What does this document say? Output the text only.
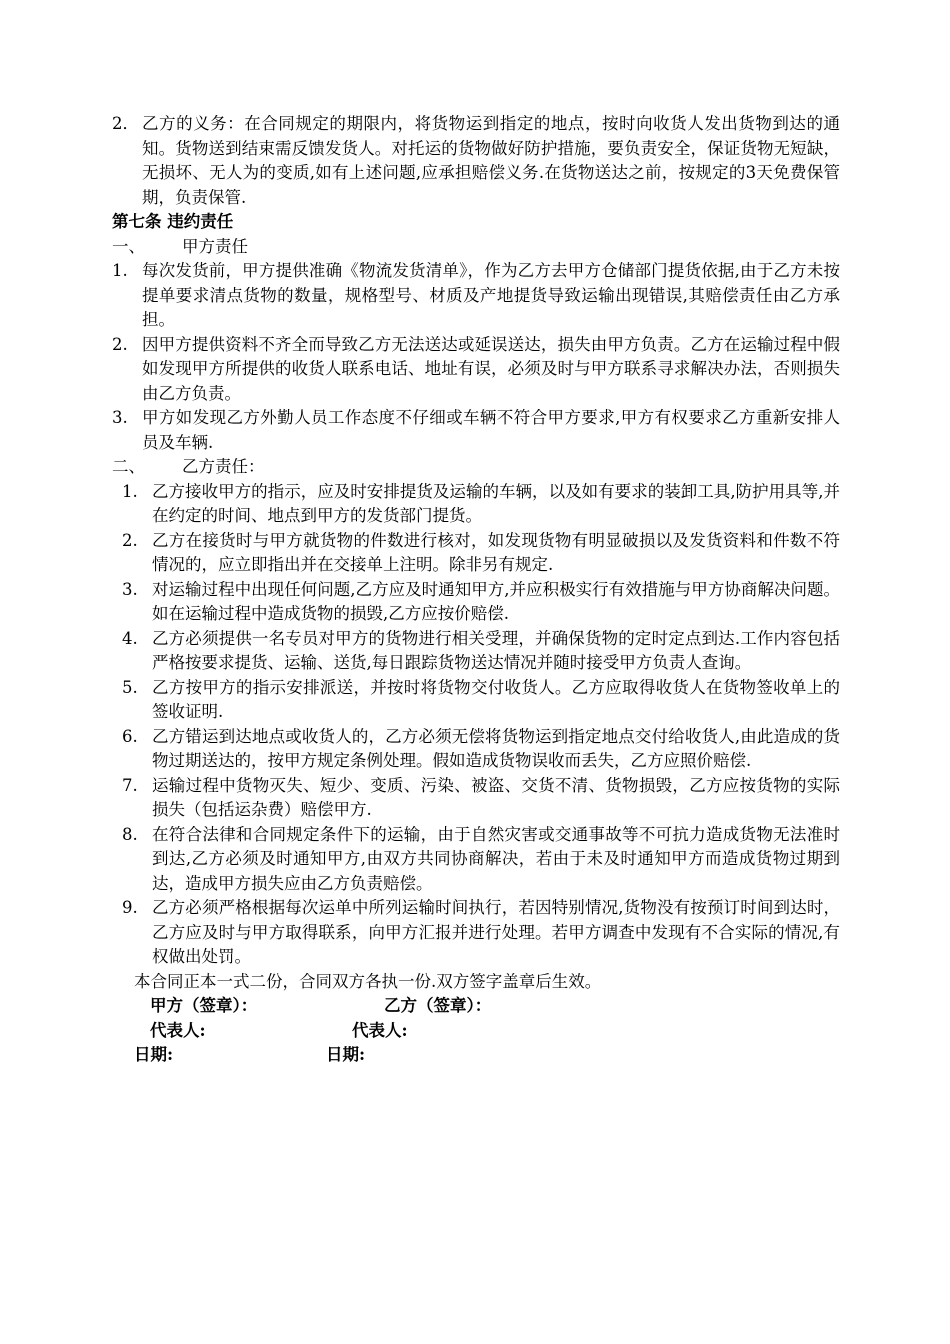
2． 乙方的义务：在合同规定的期限内，将货物运到指定的地点，按时向收货人发出货物到达的通知。货物送到结束需反馈发货人。对托运的货物做好防护措施，要负责安全，保证货物无短缺，无损坏、无人为的变质,如有上述问题,应承担赔偿义务.在货物送达之前，按规定的3天免费保管期，负责保管.

第七条 违约责任

一、	甲方责任
1. 每次发货前，甲方提供准确《物流发货清单》，作为乙方去甲方仓储部门提货依据,由于乙方未按提单要求清点货物的数量，规格型号、材质及产地提货导致运输出现错误,其赔偿责任由乙方承担。
2. 因甲方提供资料不齐全而导致乙方无法送达或延误送达，损失由甲方负责。乙方在运输过程中假如发现甲方所提供的收货人联系电话、地址有误，必须及时与甲方联系寻求解决办法，否则损失由乙方负责。
3. 甲方如发现乙方外勤人员工作态度不仔细或车辆不符合甲方要求,甲方有权要求乙方重新安排人员及车辆.
二、	乙方责任：
1. 乙方接收甲方的指示，应及时安排提货及运输的车辆，以及如有要求的装卸工具,防护用具等,并在约定的时间、地点到甲方的发货部门提货。
2. 乙方在接货时与甲方就货物的件数进行核对，如发现货物有明显破损以及发货资料和件数不符情况的，应立即指出并在交接单上注明。除非另有规定.
3. 对运输过程中出现任何问题,乙方应及时通知甲方,并应积极实行有效措施与甲方协商解决问题。如在运输过程中造成货物的损毁,乙方应按价赔偿.
4. 乙方必须提供一名专员对甲方的货物进行相关受理，并确保货物的定时定点到达.工作内容包括严格按要求提货、运输、送货,每日跟踪货物送达情况并随时接受甲方负责人查询。
5. 乙方按甲方的指示安排派送，并按时将货物交付收货人。乙方应取得收货人在货物签收单上的签收证明.
6. 乙方错运到达地点或收货人的，乙方必须无偿将货物运到指定地点交付给收货人,由此造成的货物过期送达的，按甲方规定条例处理。假如造成货物误收而丢失，乙方应照价赔偿.
7. 运输过程中货物灭失、短少、变质、污染、被盗、交货不清、货物损毁，乙方应按货物的实际损失（包括运杂费）赔偿甲方.
8. 在符合法律和合同规定条件下的运输，由于自然灾害或交通事故等不可抗力造成货物无法准时到达,乙方必须及时通知甲方,由双方共同协商解决，若由于未及时通知甲方而造成货物过期到达，造成甲方损失应由乙方负责赔偿。
9. 乙方必须严格根据每次运单中所列运输时间执行，若因特别情况,货物没有按预订时间到达时，乙方应及时与甲方取得联系，向甲方汇报并进行处理。若甲方调查中发现有不合实际的情况,有权做出处罚。

本合同正本一式二份，合同双方各执一份.双方签字盖章后生效。

甲方（签章）：	乙方（签章）：
代表人:	代表人:
日期:	日期:
